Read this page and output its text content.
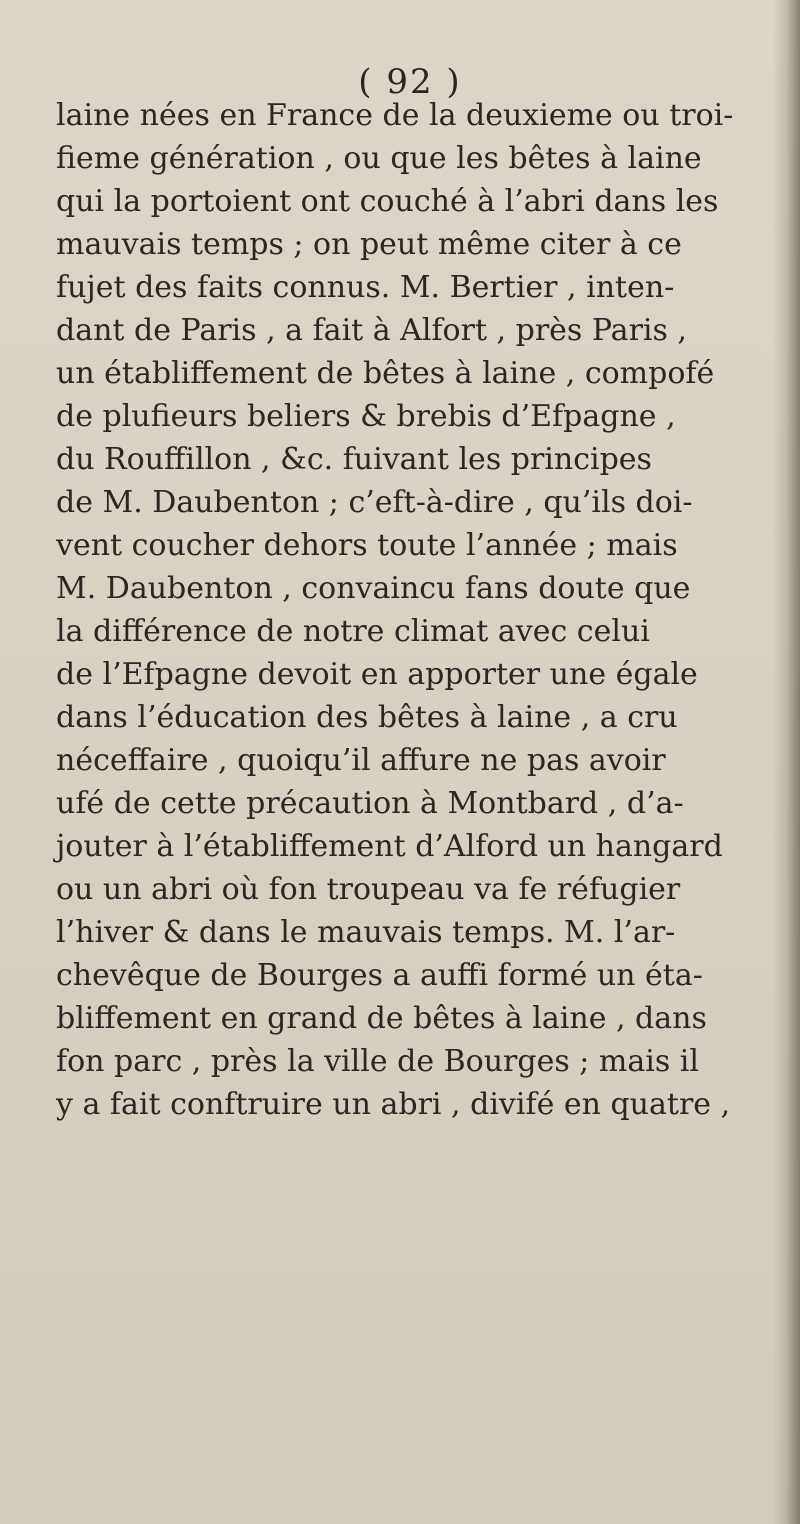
( 92 )
laine nées en France de la deuxieme ou troi-
fieme génération , ou que les bêtes à laine
qui la portoient ont couché à l’abri dans les
mauvais temps ; on peut même citer à ce
fujet des faits connus. M. Bertier , inten-
dant de Paris , a fait à Alfort , près Paris ,
un établiffement de bêtes à laine , compofé
de plufieurs beliers & brebis d’Efpagne ,
du Rouffillon , &c. fuivant les principes
de M. Daubenton ; c’eft-à-dire , qu’ils doi-
vent coucher dehors toute l’année ; mais
M. Daubenton , convaincu fans doute que
la différence de notre climat avec celui
de l’Efpagne devoit en apporter une égale
dans l’éducation des bêtes à laine , a cru
néceffaire , quoiqu’il affure ne pas avoir
ufé de cette précaution à Montbard , d’a-
jouter à l’établiffement d’Alford un hangard
ou un abri où fon troupeau va fe réfugier
l’hiver & dans le mauvais temps. M. l’ar-
chevêque de Bourges a auffi formé un éta-
bliffement en grand de bêtes à laine , dans
fon parc , près la ville de Bourges ; mais il
y a fait conftruire un abri , divifé en quatre ,
